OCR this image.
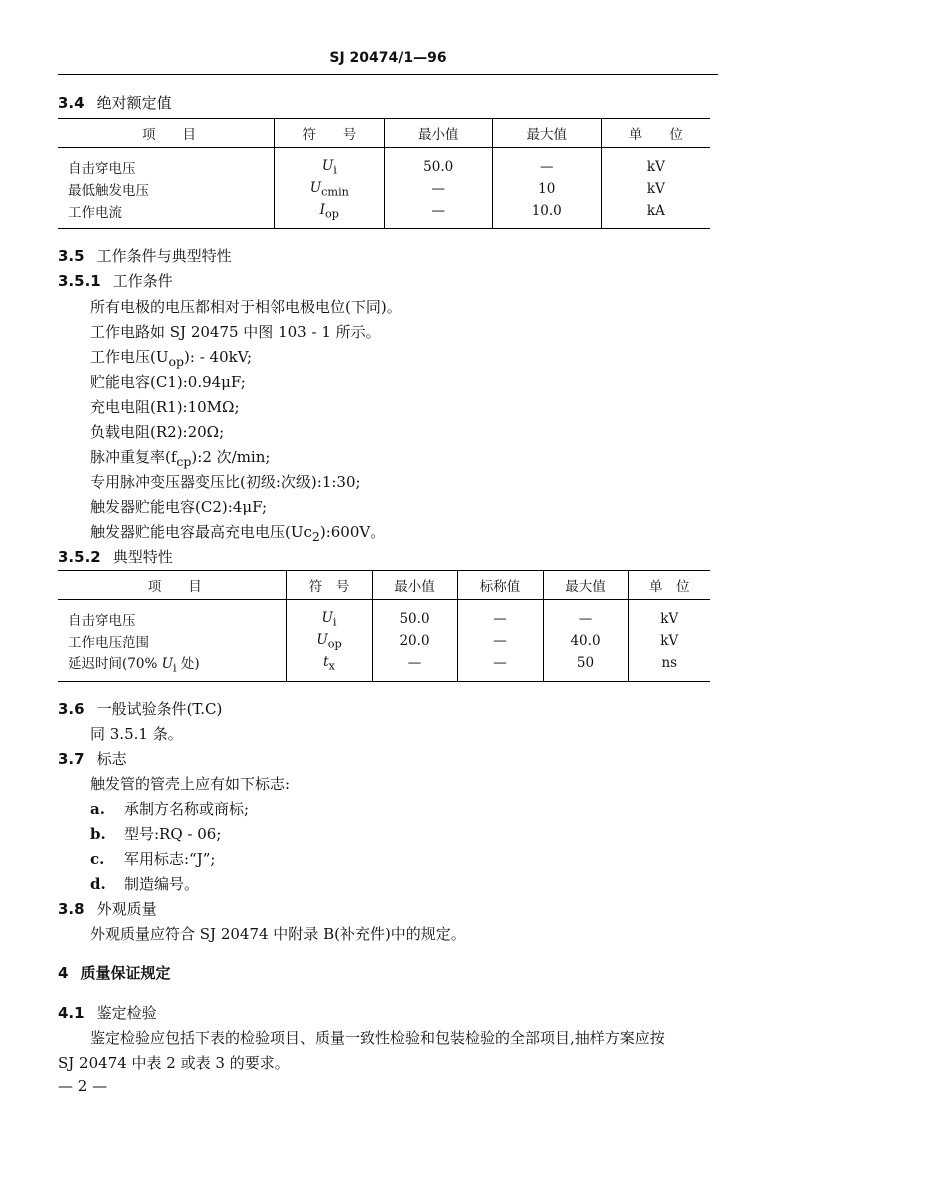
SJ 20474/1—96
3.4 绝对额定值
项　　目	符　　号	最小值	最大值	单　　位
自击穿电压	$U_i$	50.0	—	kV
最低触发电压	$U_{cmin}$	—	10	kV
工作电流	$I_{op}$	—	10.0	kA
3.5 工作条件与典型特性
3.5.1 工作条件
所有电极的电压都相对于相邻电极电位(下同)。
工作电路如 SJ 20475 中图 103 - 1 所示。
工作电压$(U_{op})$: - 40kV;
贮能电容(C1):0.94μF;
充电电阻(R1):10MΩ;
负载电阻(R2):20Ω;
脉冲重复率$(f_{cp}):2$ 次/min;
专用脉冲变压器变压比(初级:次级):1:30;
触发器贮能电容(C2):4μF;
触发器贮能电容最高充电电压$(Uc_2):600V$。
3.5.2 典型特性
项　　目	符　号	最小值	标称值	最大值	单　位
自击穿电压	$U_i$	50.0	—	—	kV
工作电压范围	$U_{op}$	20.0	—	40.0	kV
延迟时间(70% $U_i$ 处)	$t_x$	—	—	50	ns
3.6 一般试验条件(T.C)
同 3.5.1 条。
3.7 标志
触发管的管壳上应有如下标志:
a. 承制方名称或商标;
b. 型号:RQ - 06;
c. 军用标志:“J”;
d. 制造编号。
3.8 外观质量
外观质量应符合 SJ 20474 中附录 B(补充件)中的规定。
4 质量保证规定
4.1 鉴定检验
鉴定检验应包括下表的检验项目、质量一致性检验和包装检验的全部项目,抽样方案应按
SJ 20474 中表 2 或表 3 的要求。
— 2 —
